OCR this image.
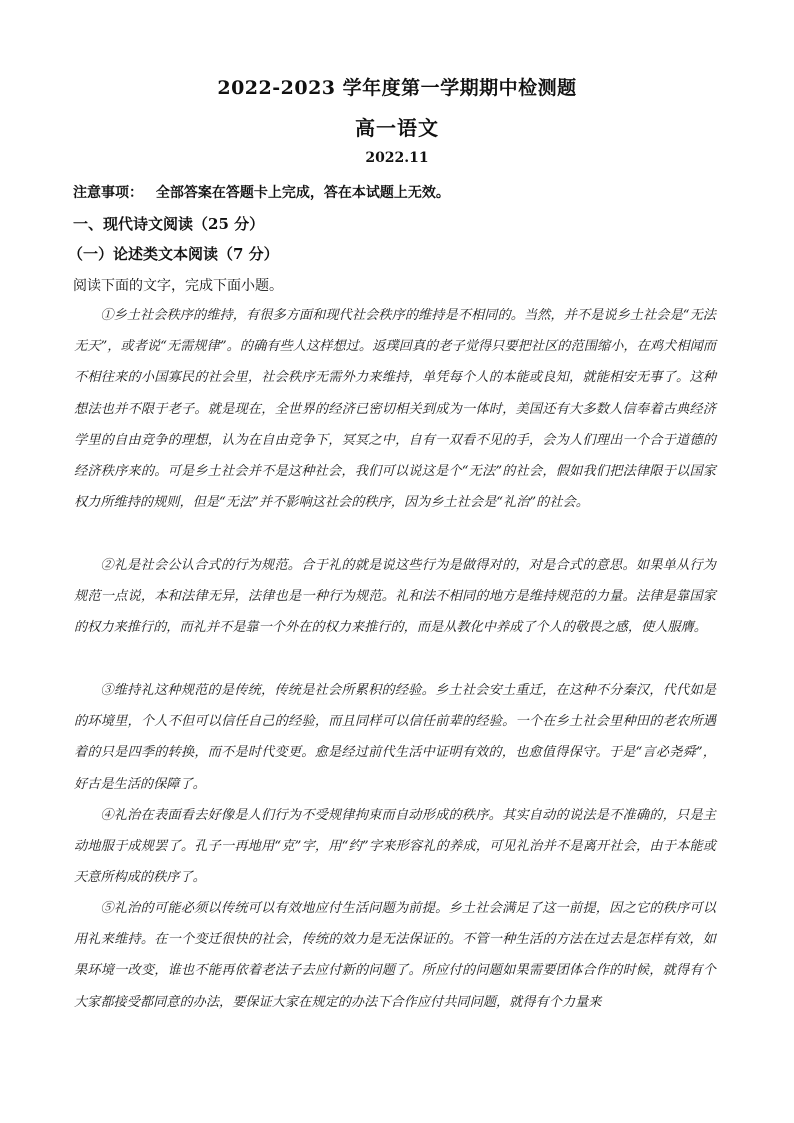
2022-2023 学年度第一学期期中检测题
高一语文
2022.11
注意事项： 全部答案在答题卡上完成，答在本试题上无效。
一、现代诗文阅读（25 分）
（一）论述类文本阅读（7 分）
阅读下面的文字，完成下面小题。
①乡土社会秩序的维持，有很多方面和现代社会秩序的维持是不相同的。当然，并不是说乡土社会是“无法无天”，或者说“无需规律”。的确有些人这样想过。返璞回真的老子觉得只要把社区的范围缩小，在鸡犬相闻而不相往来的小国寡民的社会里，社会秩序无需外力来维持，单凭每个人的本能或良知，就能相安无事了。这种想法也并不限于老子。就是现在，全世界的经济已密切相关到成为一体时，美国还有大多数人信奉着古典经济学里的自由竞争的理想，认为在自由竞争下，冥冥之中，自有一双看不见的手，会为人们理出一个合于道德的经济秩序来的。可是乡土社会并不是这种社会，我们可以说这是个“无法”的社会，假如我们把法律限于以国家权力所维持的规则，但是“无法”并不影响这社会的秩序，因为乡土社会是“礼治”的社会。
②礼是社会公认合式的行为规范。合于礼的就是说这些行为是做得对的，对是合式的意思。如果单从行为规范一点说，本和法律无异，法律也是一种行为规范。礼和法不相同的地方是维持规范的力量。法律是靠国家的权力来推行的，而礼并不是靠一个外在的权力来推行的，而是从教化中养成了个人的敬畏之感，使人服膺。
③维持礼这种规范的是传统，传统是社会所累积的经验。乡土社会安土重迁，在这种不分秦汉，代代如是的环境里，个人不但可以信任自己的经验，而且同样可以信任前辈的经验。一个在乡土社会里种田的老农所遇着的只是四季的转换，而不是时代变更。愈是经过前代生活中证明有效的，也愈值得保守。于是“言必尧舜”，好古是生活的保障了。
④礼治在表面看去好像是人们行为不受规律拘束而自动形成的秩序。其实自动的说法是不准确的，只是主动地服于成规罢了。孔子一再地用“克”字，用“约”字来形容礼的养成，可见礼治并不是离开社会，由于本能或天意所构成的秩序了。
⑤礼治的可能必须以传统可以有效地应付生活问题为前提。乡土社会满足了这一前提，因之它的秩序可以用礼来维持。在一个变迁很快的社会，传统的效力是无法保证的。不管一种生活的方法在过去是怎样有效，如果环境一改变，谁也不能再依着老法子去应付新的问题了。所应付的问题如果需要团体合作的时候，就得有个大家都接受都同意的办法，要保证大家在规定的办法下合作应付共同问题，就得有个力量来
